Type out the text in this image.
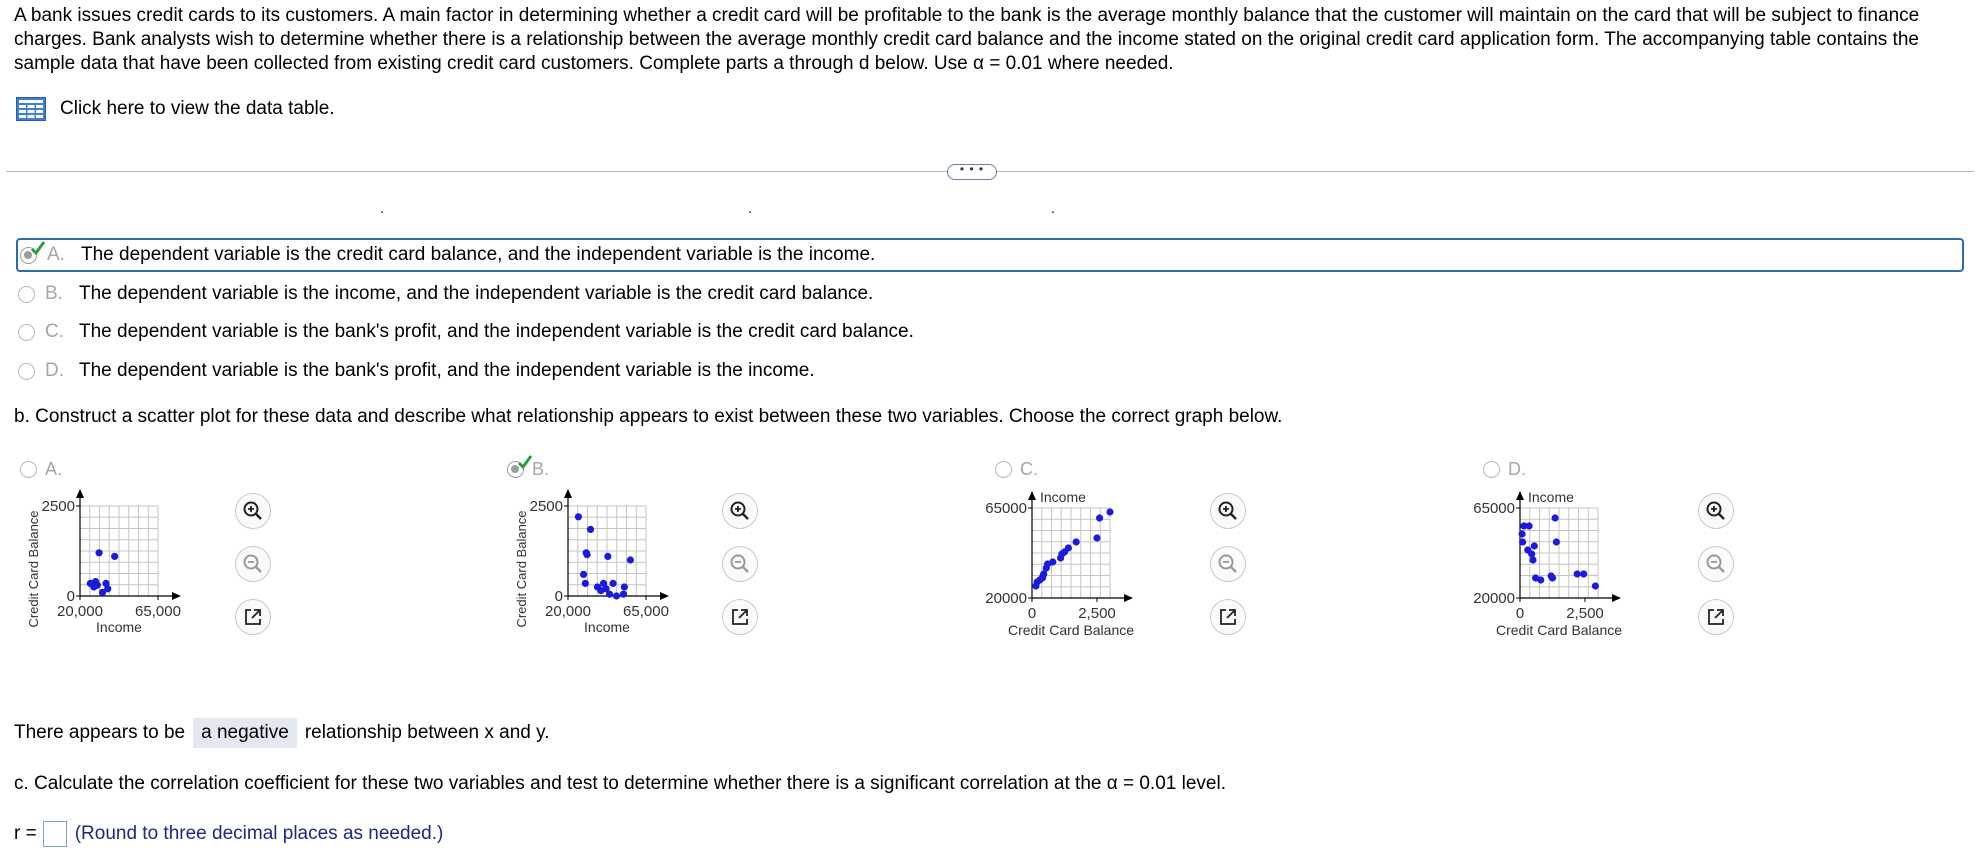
A bank issues credit cards to its customers. A main factor in determining whether a credit card will be profitable to the bank is the average monthly balance that the customer will maintain on the card that will be subject to finance charges. Bank analysts wish to determine whether there is a relationship between the average monthly credit card balance and the income stated on the original credit card application form. The accompanying table contains the sample data that have been collected from existing credit card customers. Complete parts a through d below. Use α = 0.01 where needed.

Click here to view the data table.
• • •
.	.	.
A. The dependent variable is the credit card balance, and the independent variable is the income.
B. The dependent variable is the income, and the independent variable is the credit card balance.
C. The dependent variable is the bank's profit, and the independent variable is the credit card balance.
D. The dependent variable is the bank's profit, and the independent variable is the income.
b. Construct a scatter plot for these data and describe what relationship appears to exist between these two variables. Choose the correct graph below.
A.	B.	C.	D.
2500
0
20,000 65,000
Credit Card Balance	Income
2500
0
20,000 65,000
Credit Card Balance	Income
65000
20000
0	2,500
Income
Credit Card Balance
65000
20000
0	2,500
Income
Credit Card Balance
There appears to be a negative relationship between x and y.
c. Calculate the correlation coefficient for these two variables and test to determine whether there is a significant correlation at the α = 0.01 level.
r = (Round to three decimal places as needed.)
